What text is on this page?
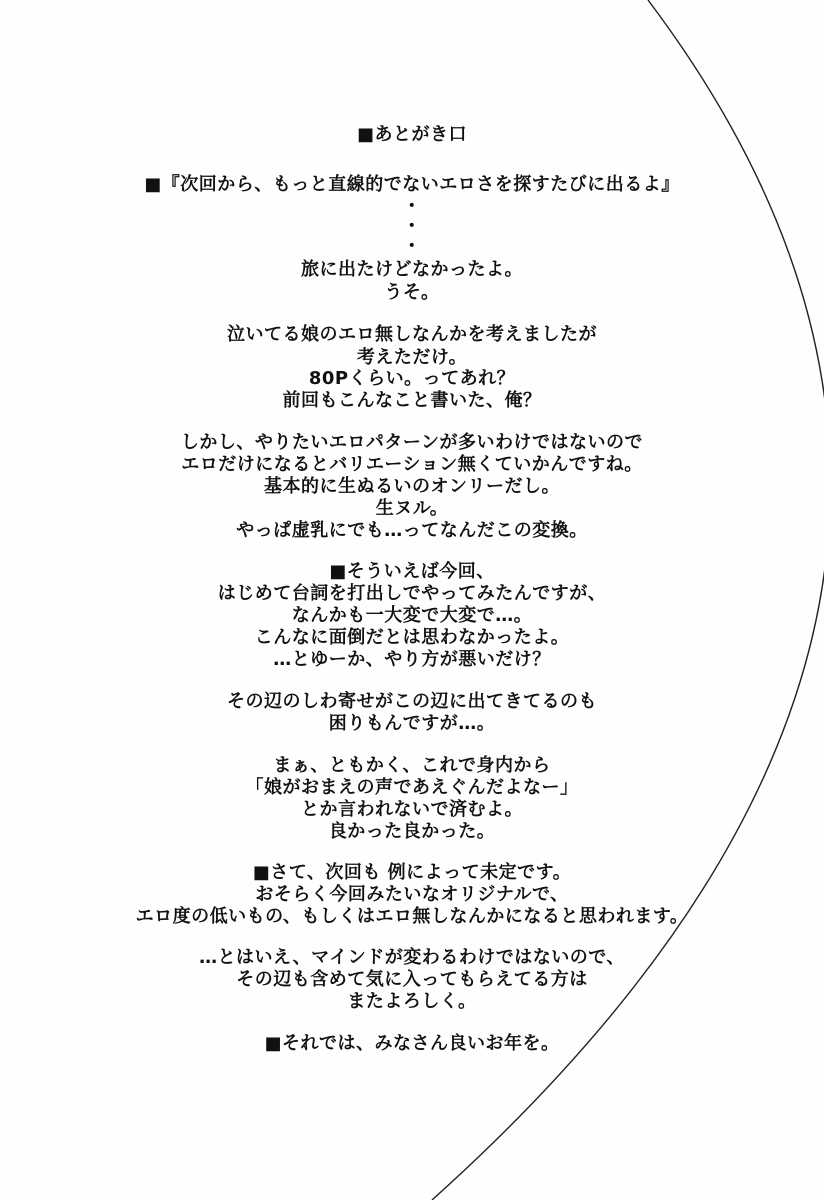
■あとがき口
■『次回から、もっと直線的でないエロさを探すたびに出るよ』
・
・
・
旅に出たけどなかったよ。
うそ。
泣いてる娘のエロ無しなんかを考えましたが
考えただけ。
80Pくらい。ってあれ？
前回もこんなこと書いた、俺？
しかし、やりたいエロパターンが多いわけではないので
エロだけになるとバリエーション無くていかんですね。
基本的に生ぬるいのオンリーだし。
生ヌル。
やっぱ虚乳にでも…ってなんだこの変換。
■そういえば今回、
はじめて台詞を打出しでやってみたんですが、
なんかも一大変で大変で…。
こんなに面倒だとは思わなかったよ。
…とゆーか、やり方が悪いだけ？
その辺のしわ寄せがこの辺に出てきてるのも
困りもんですが…。
まぁ、ともかく、これで身内から
「娘がおまえの声であえぐんだよなー」
とか言われないで済むよ。
良かった良かった。
■さて、次回も 例によって未定です。
おそらく今回みたいなオリジナルで、
エロ度の低いもの、もしくはエロ無しなんかになると思われます。
…とはいえ、マインドが変わるわけではないので、
その辺も含めて気に入ってもらえてる方は
またよろしく。
■それでは、みなさん良いお年を。
